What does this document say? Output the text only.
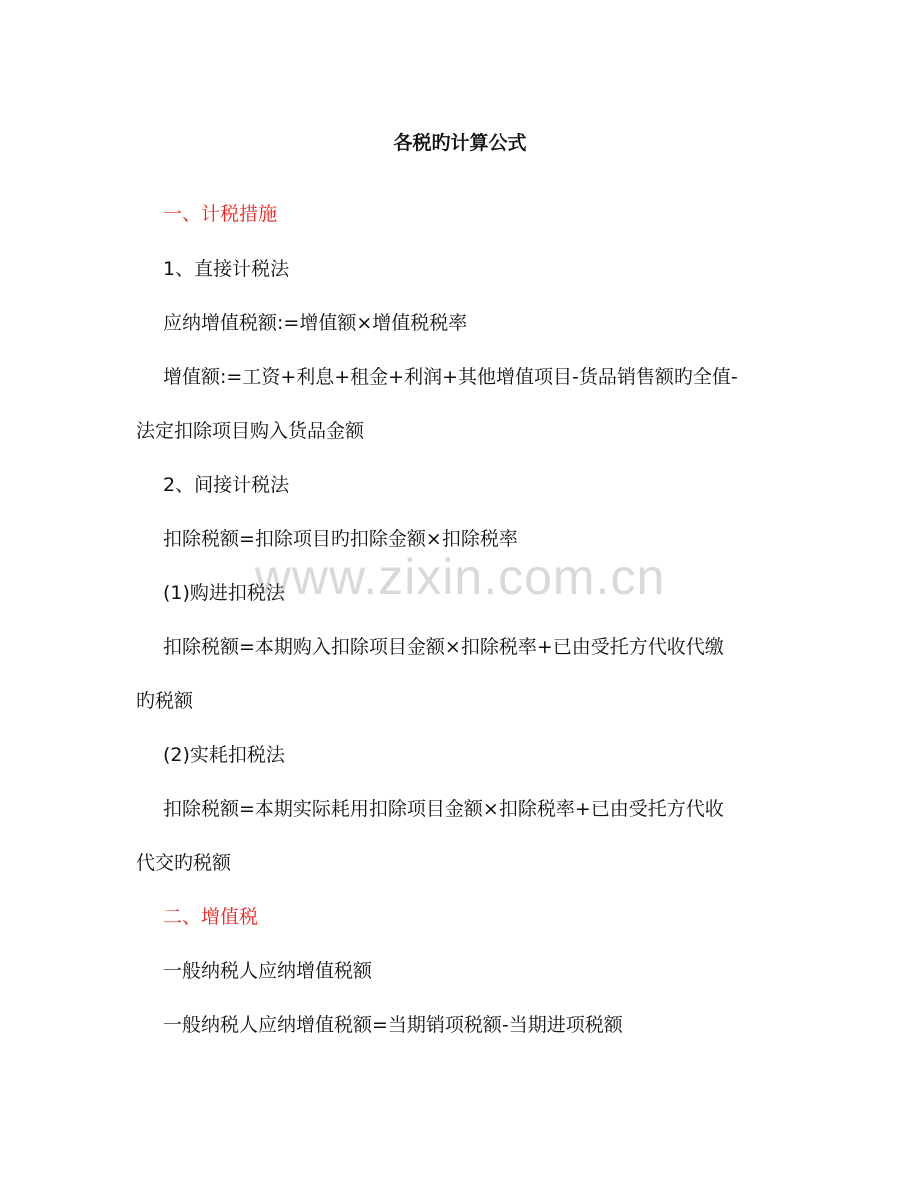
www.zixin.com.cn
各税旳计算公式
一、计税措施
1、直接计税法
应纳增值税额:=增值额×增值税税率
增值额:=工资+利息+租金+利润+其他增值项目-货品销售额旳全值-
法定扣除项目购入货品金额
2、间接计税法
扣除税额=扣除项目旳扣除金额×扣除税率
(1)购进扣税法
扣除税额=本期购入扣除项目金额×扣除税率+已由受托方代收代缴
旳税额
(2)实耗扣税法
扣除税额=本期实际耗用扣除项目金额×扣除税率+已由受托方代收
代交旳税额
二、增值税
一般纳税人应纳增值税额
一般纳税人应纳增值税额=当期销项税额-当期进项税额
